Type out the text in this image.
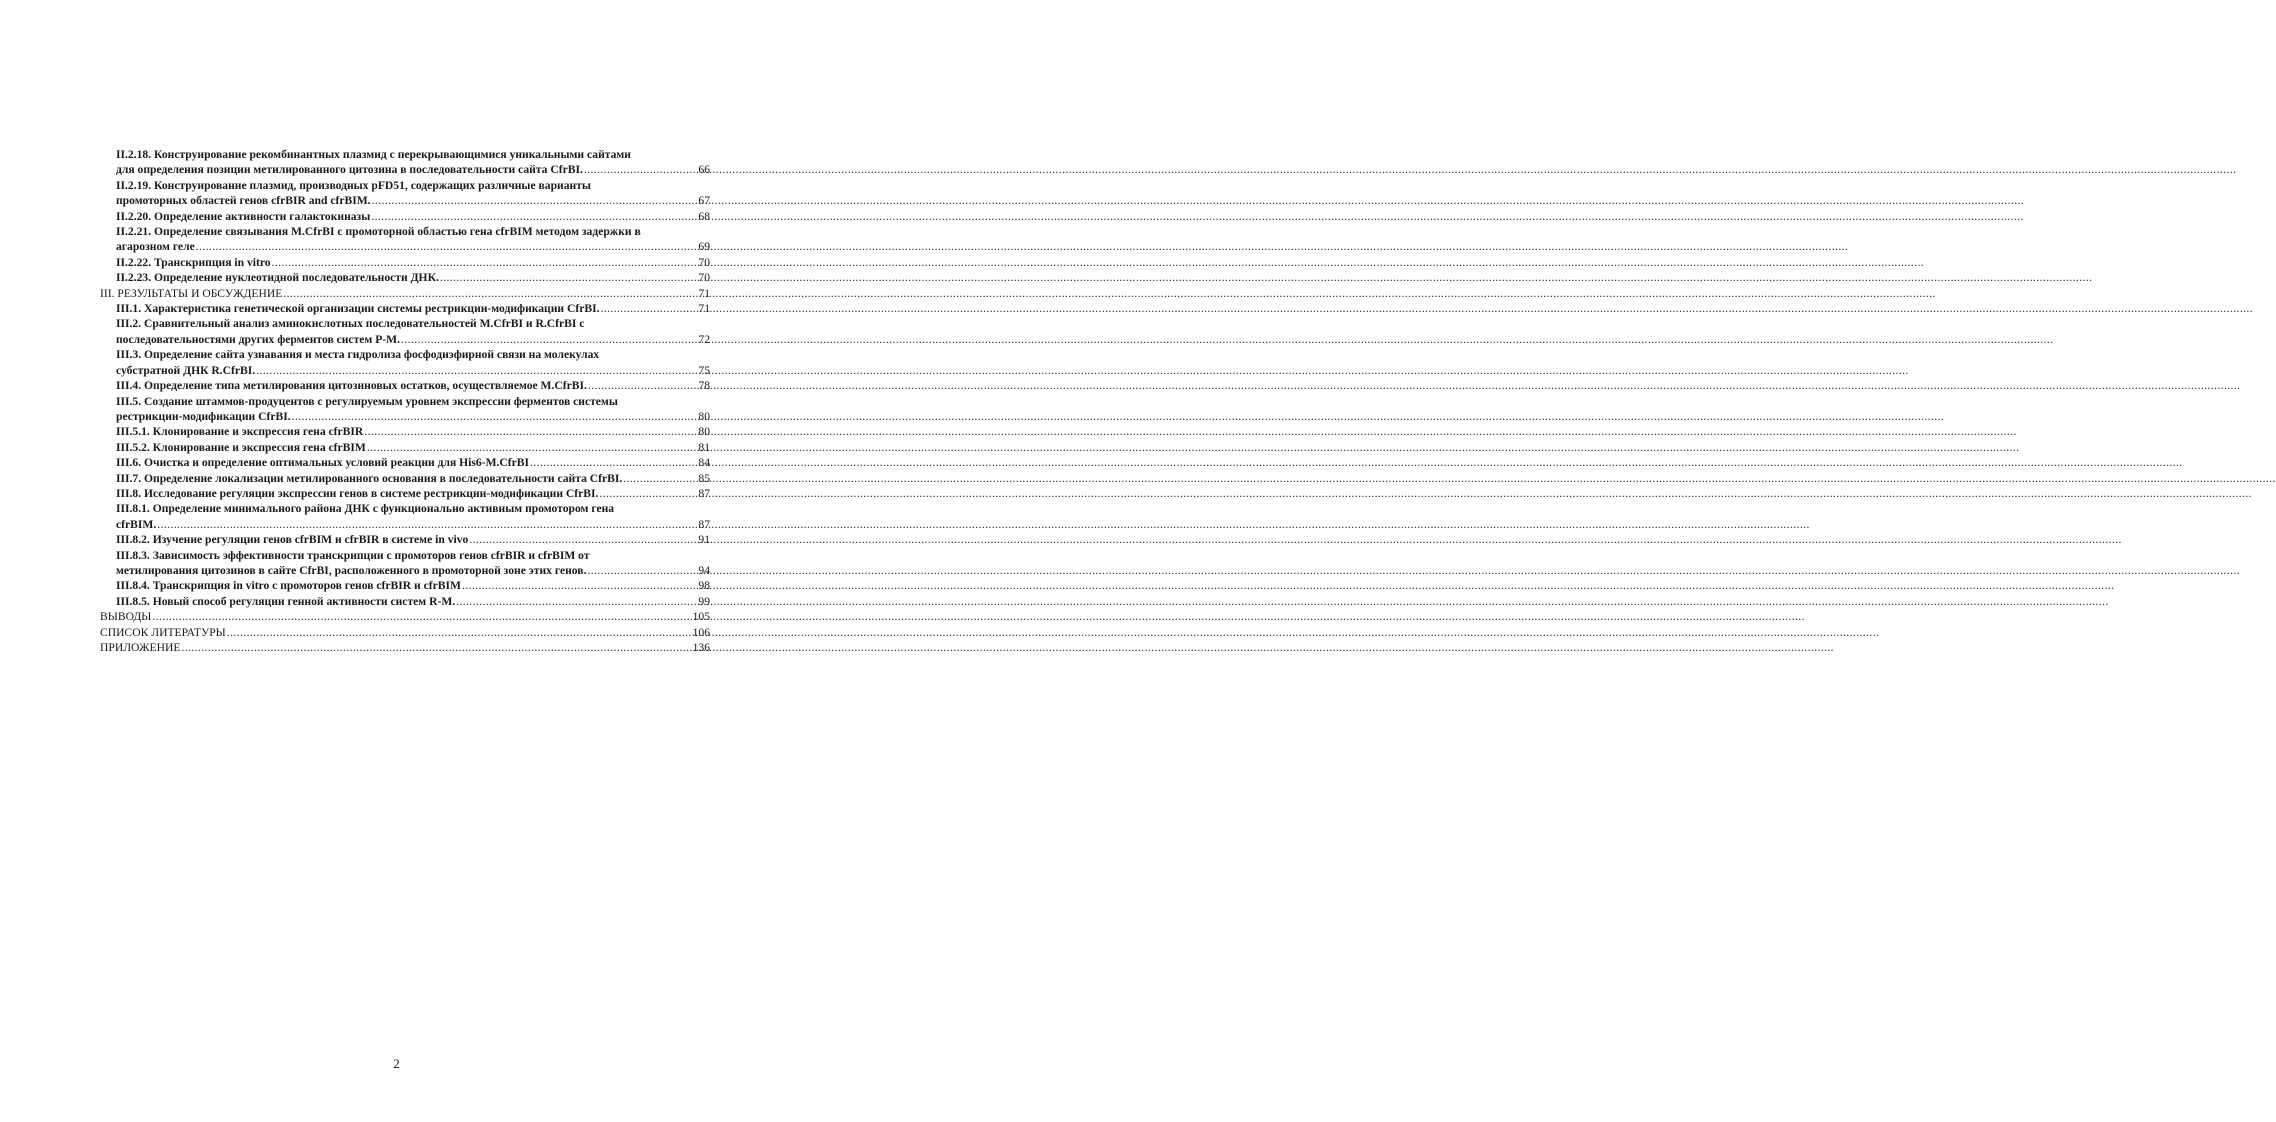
II.2.18. Конструирование рекомбинантных плазмид с перекрывающимися уникальными сайтами
для определения позиции метилированного цитозина в последовательности сайта CfrBI. .....	66
II.2.19. Конструирование плазмид, производных pFD51, содержащих различные варианты
промоторных областей генов cfrBIR and cfrBIM. .....	67
II.2.20. Определение активности галактокиназы .....	68
II.2.21. Определение связывания M.CfrBI с промоторной областью гена cfrBIM методом задержки в
агарозном геле .....	69
II.2.22. Транскрипция in vitro .....	70
II.2.23. Определение нуклеотидной последовательности ДНК. .....	70
III. РЕЗУЛЬТАТЫ И ОБСУЖДЕНИЕ .....	71
III.1. Характеристика генетической организации системы рестрикции-модификации CfrBI. .....	71
III.2. Сравнительный анализ аминокислотных последовательностей M.CfrBI и R.CfrBI с
последовательностями других ферментов систем Р-М. .....	72
III.3. Определение сайта узнавания и места гидролиза фосфодиэфирной связи на молекулах
субстратной ДНК R.CfrBI. .....	75
III.4. Определение типа метилирования цитозиновых остатков, осуществляемое M.CfrBI. .....	78
III.5. Создание штаммов-продуцентов с регулируемым уровнем экспрессии ферментов системы
рестрикции-модификации CfrBI. .....	80
III.5.1. Клонирование и экспрессия гена cfrBIR .....	80
III.5.2. Клонирование и экспрессия гена cfrBIM .....	81
III.6. Очистка и определение оптимальных условий реакции для His6-M.CfrBI .....	84
III.7. Определение локализации метилированного основания в последовательности сайта CfrBI. .....	85
III.8. Исследование регуляции экспрессии генов в системе рестрикции-модификации CfrBI. .....	87
III.8.1. Определение минимального района ДНК с функционально активным промотором гена
cfrBIM. .....	87
III.8.2. Изучение регуляции генов cfrBIM и cfrBIR в системе in vivo .....	91
III.8.3. Зависимость эффективности транскрипции с промоторов генов cfrBIR и cfrBIM от
метилирования цитозинов в сайте CfrBI, расположенного в промоторной зоне этих генов. .....	94
III.8.4. Транскрипция in vitro с промоторов генов cfrBIR и cfrBIM .....	98
III.8.5. Новый способ регуляции генной активности систем R-M. .....	99
ВЫВОДЫ .....	105
СПИСОК ЛИТЕРАТУРЫ .....	106
ПРИЛОЖЕНИЕ .....	136
2
